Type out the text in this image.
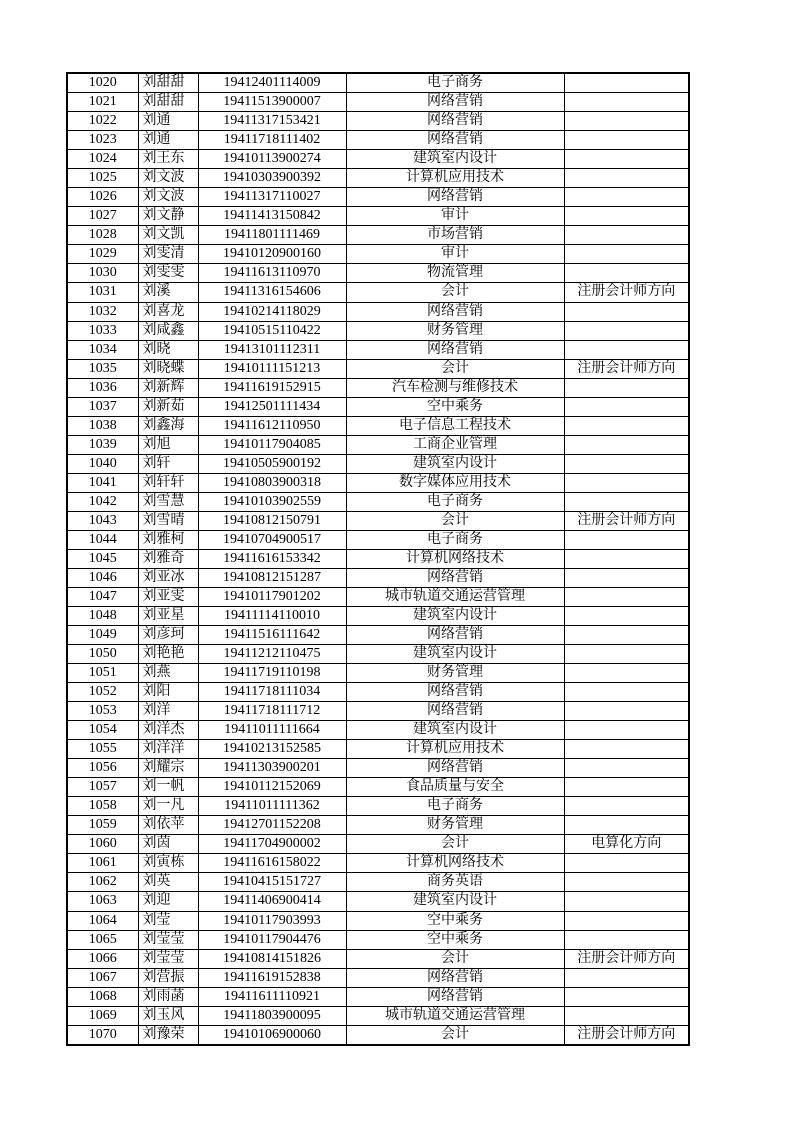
1020	刘甜甜	19412401114009	电子商务	
1021	刘甜甜	19411513900007	网络营销	
1022	刘通	19411317153421	网络营销	
1023	刘通	19411718111402	网络营销	
1024	刘王东	19410113900274	建筑室内设计	
1025	刘文波	19410303900392	计算机应用技术	
1026	刘文波	19411317110027	网络营销	
1027	刘文静	19411413150842	审计	
1028	刘文凯	19411801111469	市场营销	
1029	刘雯清	19410120900160	审计	
1030	刘雯雯	19411613110970	物流管理	
1031	刘溪	19411316154606	会计	注册会计师方向
1032	刘喜龙	19410214118029	网络营销	
1033	刘咸鑫	19410515110422	财务管理	
1034	刘晓	19413101112311	网络营销	
1035	刘晓蝶	19410111151213	会计	注册会计师方向
1036	刘新辉	19411619152915	汽车检测与维修技术	
1037	刘新茹	19412501111434	空中乘务	
1038	刘鑫海	19411612110950	电子信息工程技术	
1039	刘旭	19410117904085	工商企业管理	
1040	刘轩	19410505900192	建筑室内设计	
1041	刘轩轩	19410803900318	数字媒体应用技术	
1042	刘雪慧	19410103902559	电子商务	
1043	刘雪晴	19410812150791	会计	注册会计师方向
1044	刘雅柯	19410704900517	电子商务	
1045	刘雅奇	19411616153342	计算机网络技术	
1046	刘亚冰	19410812151287	网络营销	
1047	刘亚雯	19410117901202	城市轨道交通运营管理	
1048	刘亚星	19411114110010	建筑室内设计	
1049	刘彦珂	19411516111642	网络营销	
1050	刘艳艳	19411212110475	建筑室内设计	
1051	刘燕	19411719110198	财务管理	
1052	刘阳	19411718111034	网络营销	
1053	刘洋	19411718111712	网络营销	
1054	刘洋杰	19411011111664	建筑室内设计	
1055	刘洋洋	19410213152585	计算机应用技术	
1056	刘耀宗	19411303900201	网络营销	
1057	刘一帆	19410112152069	食品质量与安全	
1058	刘一凡	19411011111362	电子商务	
1059	刘依苹	19412701152208	财务管理	
1060	刘茵	19411704900002	会计	电算化方向
1061	刘寅栋	19411616158022	计算机网络技术	
1062	刘英	19410415151727	商务英语	
1063	刘迎	19411406900414	建筑室内设计	
1064	刘莹	19410117903993	空中乘务	
1065	刘莹莹	19410117904476	空中乘务	
1066	刘莹莹	19410814151826	会计	注册会计师方向
1067	刘营振	19411619152838	网络营销	
1068	刘雨菡	19411611110921	网络营销	
1069	刘玉风	19411803900095	城市轨道交通运营管理	
1070	刘豫荣	19410106900060	会计	注册会计师方向
